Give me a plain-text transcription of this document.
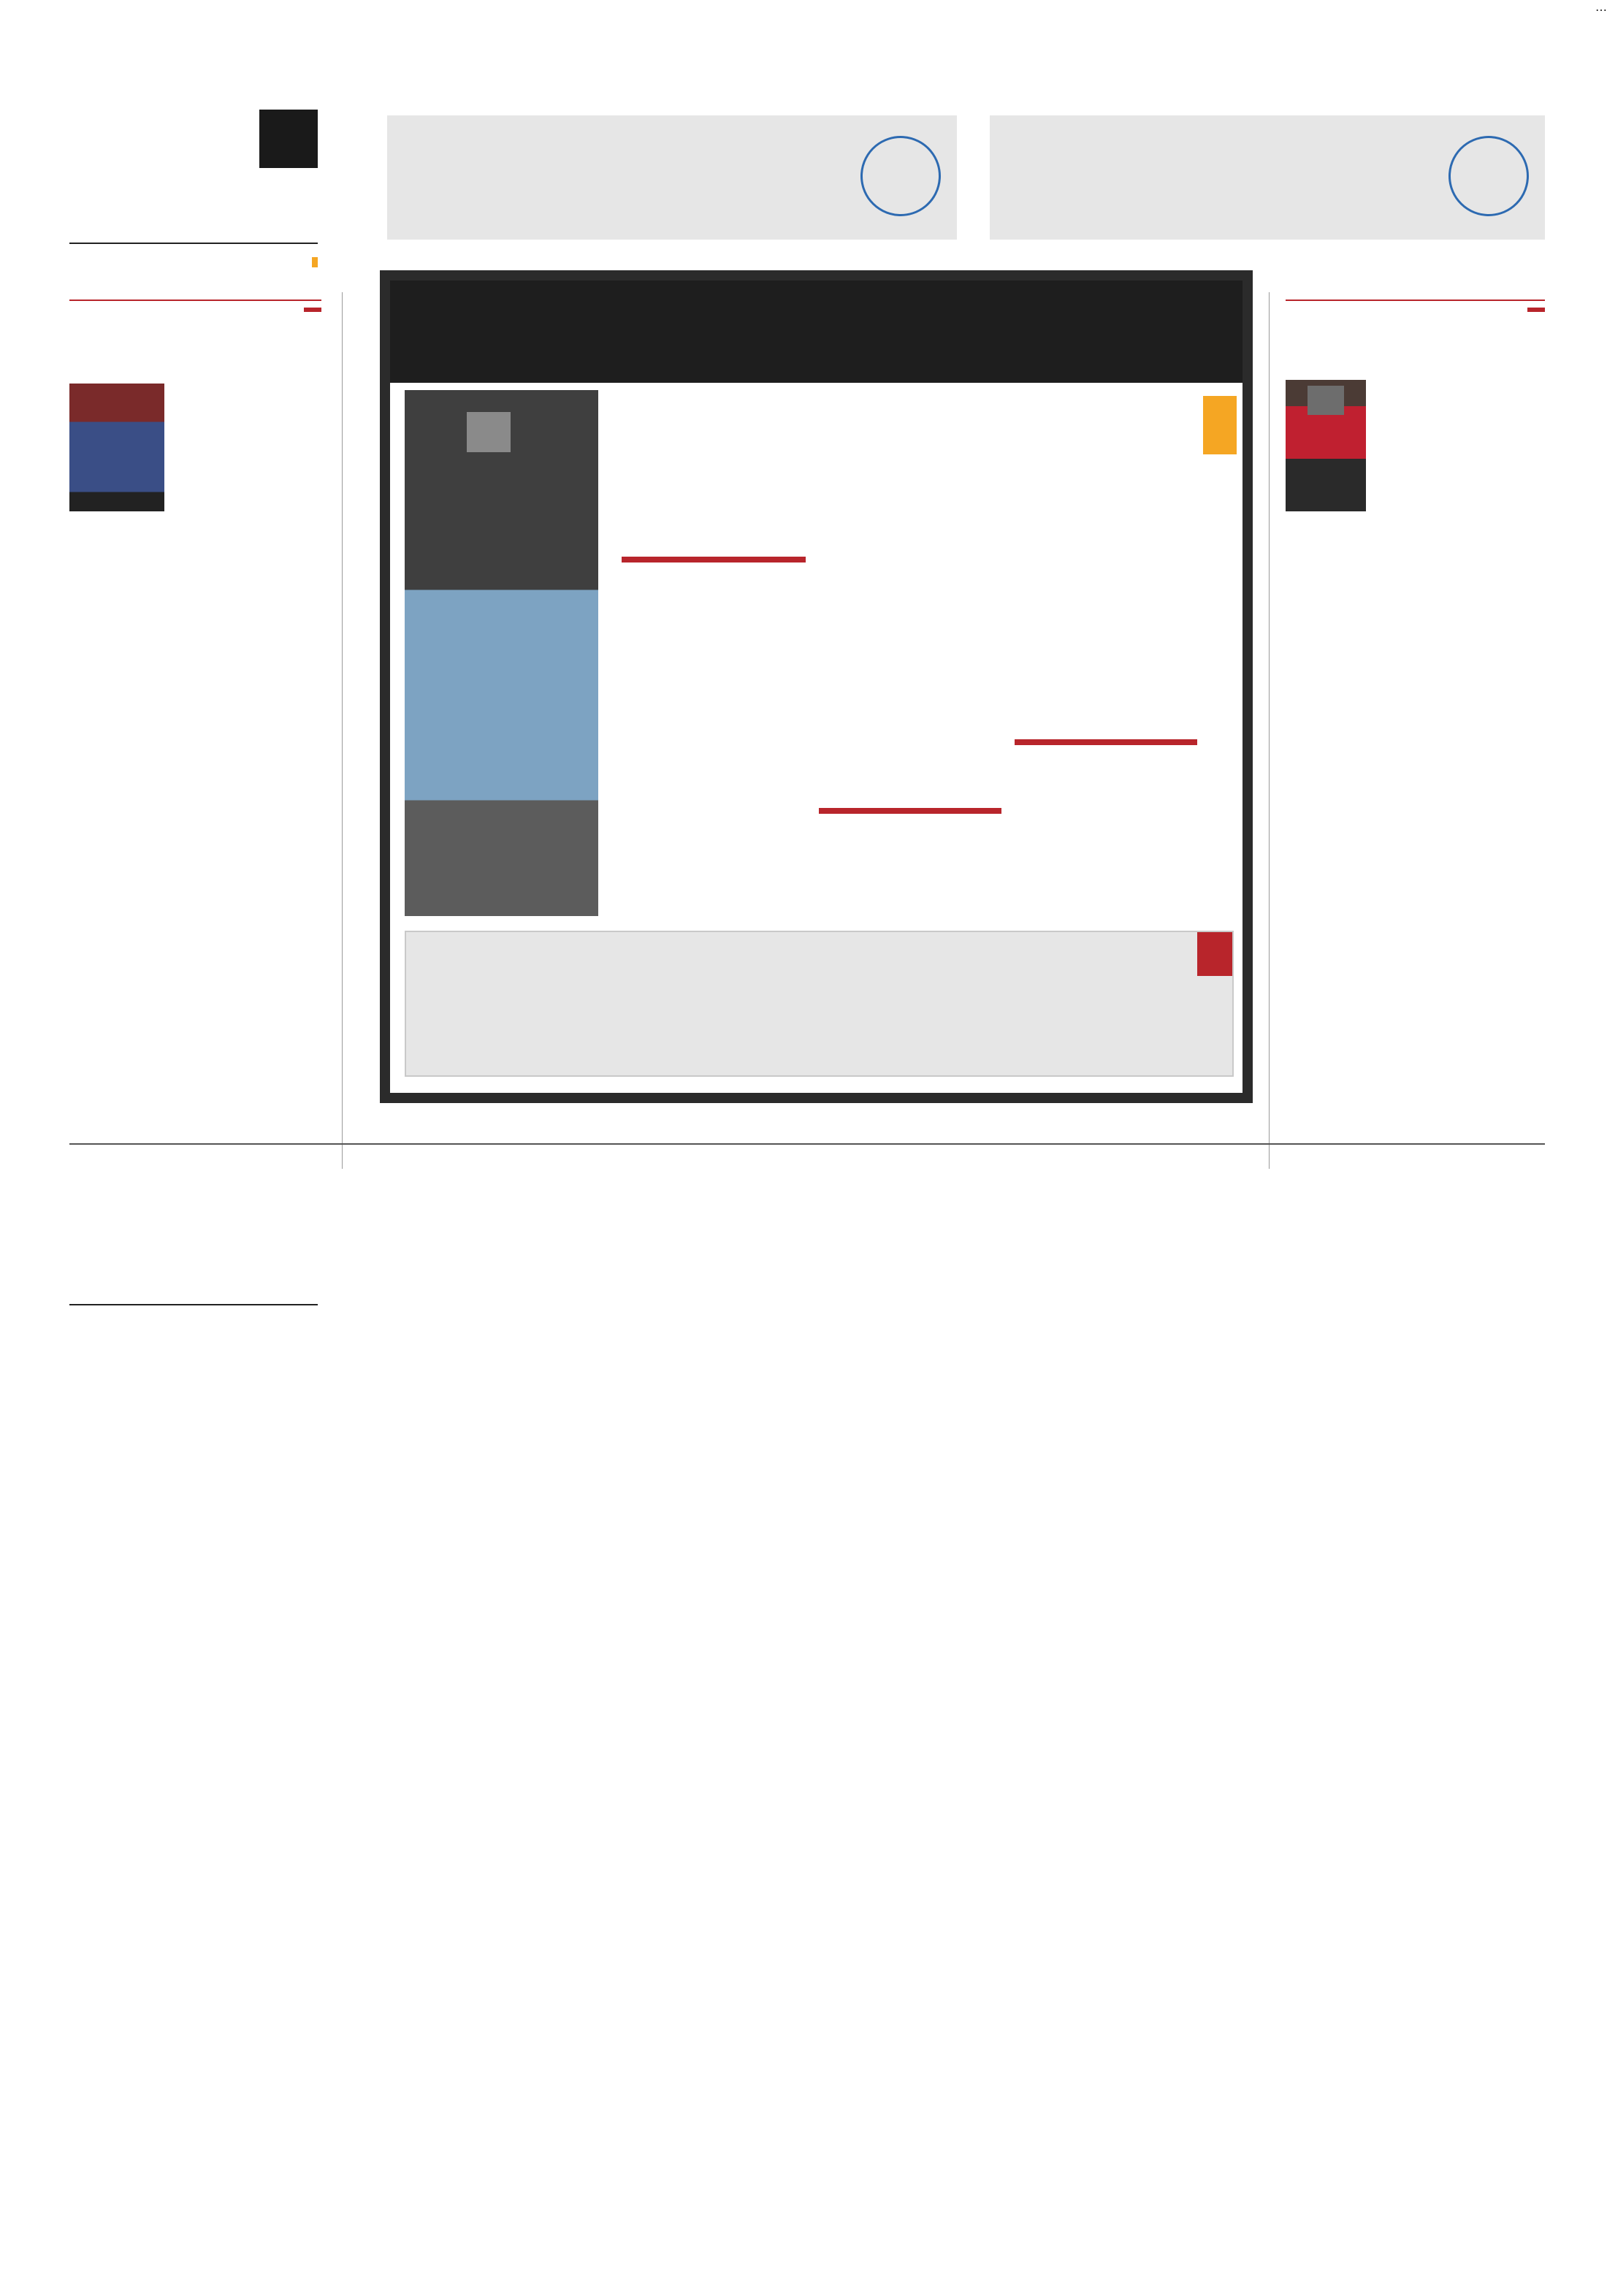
…
